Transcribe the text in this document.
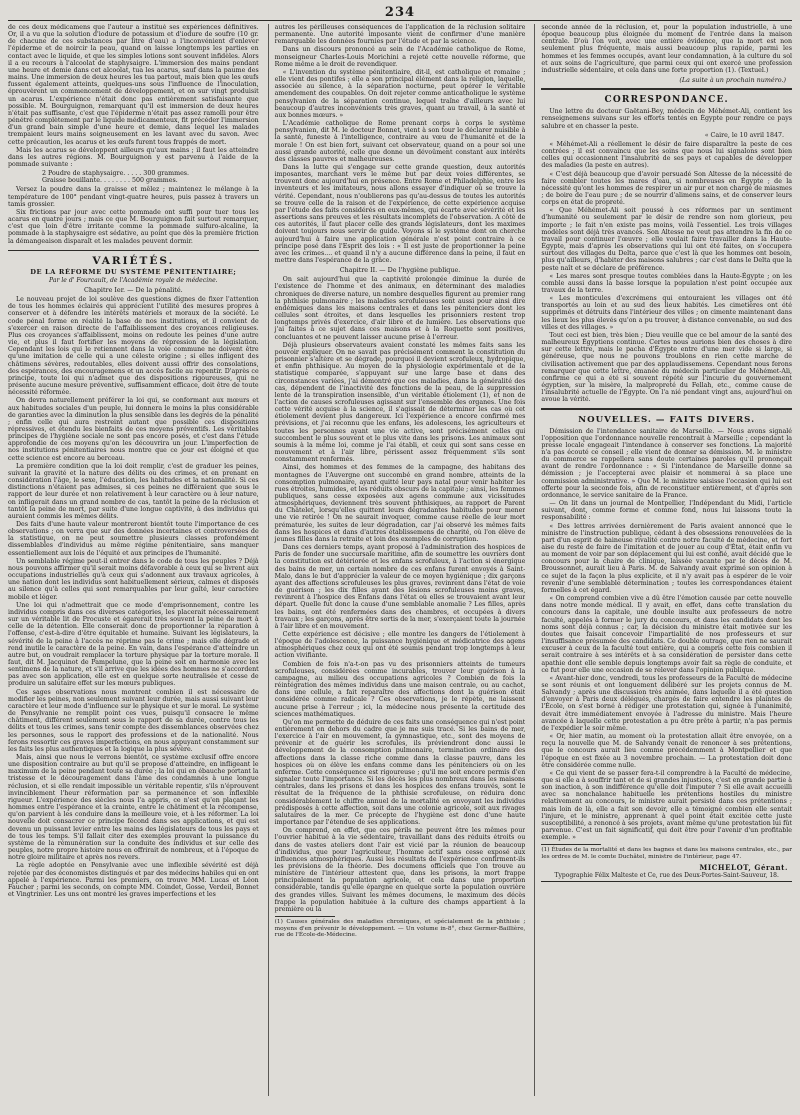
234

de ces deux médicamens que l'auteur a institué ses expériences définitives. Or, il a vu que la solution d'iodure de potassium et d'iodure de soufre (10 gr. de chacune de ces substances par litre d'eau) a l'inconvénient d'enlever l'épiderme et de noircir la peau, quand on laisse longtemps les parties en contact avec le liquide, et que les simples lotions sont souvent infidèles. Alors il a eu recours à l'alcoolat de staphysaigre. L'immersion des mains pendant une heure et demie dans cet alcoolat, tua les acarus, sauf dans la paume des mains. Une immersion de deux heures les tua partout, mais bien que les œufs fussent également atteints, quelques-uns sous l'influence de l'inoculation, éprouvèrent un commencement de développement, et on sur vingt produisit un acarus. L'expérience n'était donc pas entièrement satisfaisante que possible. M. Bourguignon, remarquant qu'il est immersion de deux heures n'était pas suffisante, c'est que l'épiderme n'était pas assez ramolli pour être pénétré complètement par le liquide médicamenteux, fit précéder l'immersion d'un grand bain simple d'une heure et demie, dans lequel les malades trempaient leurs mains soigneusement en les lavant avec du savon. Avec cette précaution, les acarus et les œufs furent tous frappés de mort.

Mais les acarus se développent ailleurs qu'aux mains ; il faut les atteindre dans les autres régions. M. Bourguignon y est parvenu à l'aide de la pommade suivante :

2 Poudre de staphysaigre. . . . . 300 grammes.
Graisse bouillante. . . . . . . . 500 grammes.

Versez la poudre dans la graisse et mêlez ; maintenez le mélange à la température de 100° pendant vingt-quatre heures, puis passez à travers un tamis grossier.

Six frictions par jour avec cette pommade ont suffi pour tuer tous les acarus en quatre jours ; mais ce que M. Bourguignon fait surtout remarquer, c'est que loin d'être irritante comme la pommade sulfuro-alcaline, la pommade à la staphysaigre est sédative, au point que dès la première friction la démangeaison disparaît et les malades peuvent dormir.

VARIÉTÉS.
DE LA RÉFORME DU SYSTÈME PÉNITENTIAIRE;
Par le d' Fourcault, de l'Académie royale de médecine.
Chapitre Ier. — De la pénalité.

Le nouveau projet de loi soulève des questions dignes de fixer l'attention de tous les hommes éclairés qui apprécient l'utilité des mesures propres à conserver et à défendre les intérêts matériels et moraux de la société. Le code pénal forme en réalité la base de nos institutions, et il convient de s'exercer en raison directe de l'affaiblissement des croyances religieuses. Plus ces croyances s'affaiblissent, moins on redoute les peines d'une autre vie, et plus il faut fortifier les moyens de répression de la législation. Cependant les lois qui le retiennent dans la voie commune ne doivent être qu'une imitation de celle qui a une céleste origine ; si elles infligent des châtimens sévères, redoutables, elles doivent aussi offrir des consolations, des espérances, des encouragemens et un accès facile au repentir. D'après ce principe, toute loi qui n'admet que des dispositions rigoureuses, qui ne présente aucune mesure préventive, suffisamment efficace, doit être de toute nécessité réformée.

On devra naturellement préférer la loi qui, se conformant aux mœurs et aux habitudes sociales d'un peuple, lui donnera le moins la plus considérable de garanties avec la diminution la plus sensible dans les degrés de la pénalité ; enfin celle qui aura restreint autant que possible ces dispositions répressives, et étendu les bienfaits de ces moyens préventifs. Les véritables principes de l'hygiène sociale ne sont pas encore posés, et c'est dans l'étude approfondie de ces moyens qu'on les découvrira un jour. L'imperfection de nos institutions pénitentiaires nous montre que ce jour est éloigné et que cette science est encore au berceau.

La première condition que la loi doit remplir, c'est de graduer les peines, suivant la gravité et la nature des délits ou des crimes, et en prenant en considération l'âge, le sexe, l'éducation, les habitudes et la nationalité. Si ces distinctions n'étaient pas admises, si ces peines ne différaient que sous le rapport de leur durée et non relativement à leur caractère ou à leur nature, on infligerait dans un grand nombre de cas, tantôt la peine de la réclusion et tantôt la peine de mort, par suite d'une longue captivité, à des individus qui auraient commis les mêmes délits.

Des faits d'une haute valeur montreront bientôt toute l'importance de ces observations ; on verra que sur des données incertaines et controversées de la statistique, on ne peut soumettre plusieurs classes profondément dissemblables d'individus au même régime pénitentiaire, sans manquer essentiellement aux lois de l'équité et aux principes de l'humanité.

Un semblable régime peut-il entrer dans le code de tous les peuples ? Déjà nous pouvons affirmer qu'il serait moins défavorable à ceux qui se livrent aux occupations industrielles qu'à ceux qui s'adonnent aux travaux agricoles, à une nation dont les individus sont habituellement sérieux, calmes et disposés au silence qu'à celles qui sont remarquables par leur gaîté, leur caractère mobile et léger.

Une loi qui n'admettrait que ce mode d'emprisonnement, contre les individus compris dans ces diverses catégories, les placerait nécessairement sur un véritable lit de Procuste et égarerait très souvent la peine de mort à celle de la détention. Elle conserait donc de proportionner la réparation à l'offense, c'est-à-dire d'être équitable et humaine. Suivant les législateurs, la sévérité de la peine à l'accès ne réprime pas le crime ; mais elle dégrade et rend inutile le caractère de la peine. En vain, dans l'espérance d'atteindre un autre but, on voudrait remplacer la torture physique par la torture morale. Il faut, dit M. Jacquinot de Pampelune, que la peine soit en harmonie avec les sentimens de la nature, et s'il arrive que les idées des hommes ne s'accordent pas avec son application, elle est en quelque sorte neutralisée et cesse de produire un salutaire effet sur les mœurs publiques.

Ces sages observations nous montrent combien il est nécessaire de modifier les peines, non seulement suivant leur durée, mais aussi suivant leur caractère et leur mode d'influence sur le physique et sur le moral. Le système de Pensylvanie ne remplit point ces vues, puisqu'il consacre le même châtiment, différent seulement sous le rapport de sa durée, contre tous les délits et tous les crimes, sans tenir compte des dissemblances observées chez les personnes, sous le rapport des professions et de la nationalité. Nous ferons ressortir ces graves imperfections, en nous appuyant constamment sur les faits les plus authentiques et la logique la plus sévère.

Mais, ainsi que nous le verrons bientôt, ce système exclusif offre encore une disposition contraire au but qu'il se propose d'atteindre, en infligeant le maximum de la peine pendant toute sa durée ; la loi qui en ébauche portant la tristesse et le découragement dans l'âme des condamnés à une longue réclusion, et si elle rendait impossible un véritable repentir, s'ils n'éprouvent invinciblement l'heur réformation par sa permanence et son inflexible rigueur. L'expérience des siècles nous l'a appris, ce n'est qu'en plaçant les hommes entre l'espérance et la crainte, entre le châtiment et la récompense, qu'on parvient à les conduire dans la meilleure voie, et à les réformer. La loi nouvelle doit consacrer ce principe fécond dans ses applications, et qui est devenu un puissant levier entre les mains des législateurs de tous les pays et de tous les temps. S'il fallait citer des exemples prouvant la puissance du système de la rémunération sur la conduite des individus et sur celle des peuples, notre propre histoire nous en offrirait de nombreux, et à l'époque de notre gloire militaire et après nos revers.

La règle adoptée en Pensylvanie avec une inflexible sévérité est déjà rejetée par des économistes distingués et par des médecins habiles qui en ont appelé à l'expérience. Parmi les premiers, on trouve MM. Lucas et Léon Faucher ; parmi les seconds, on compte MM. Coindet, Gosse, Verdeil, Bonnet et Vingtrinier. Les uns ont montré les graves imperfections et les

autres les périlleuses conséquences de l'application de la réclusion solitaire permanente. Une autorité imposante vient de confirmer d'une manière remarquable les données fournies par l'étude et par la science.

Dans un discours prononcé au sein de l'Académie catholique de Rome, monseigneur Charles-Louis Morichini a rejeté cette nouvelle réforme, que Rome même a le droit de revendiquer.

« L'invention du système pénitentiaire, dit-il, est catholique et romaine ; elle vient des pontifes ; elle a son principal élément dans la religion, laquelle, associée au silence, à la séparation nocturne, peut opérer le véritable amendement des coupables. On doit rejeter comme anticatholique le système pensylvanien de la séparation continue, lequel traîne d'ailleurs avec lui beaucoup d'autres inconvénients très graves, quant au travail, à la santé et aux bonnes mœurs. »

L'Académie catholique de Rome prenant corps à corps le système pensylvanien, dit M. le docteur Bonnet, vient à son tour le déclarer nuisible à la santé, funeste à l'intelligence, contraire au vœu de l'humanité et de la morale ! On est bien fort, suivant cet observateur, quand on a pour soi une aussi grande autorité, celle que donne un dévoûment constant aux intérêts des classes pauvres et malheureuses.

Dans la lutte qui s'engage sur cette grande question, deux autorités imposantes, marchant vers le même but par deux voies différentes, se trouvent donc aujourd'hui en présence. Entre Rome et Philadelphie, entre les inventeurs et les imitateurs, nous allons essayer d'indiquer où se trouve la vérité. Cependant, nous n'oublierons pas qu'au-dessus de toutes les autorités se trouve celle de la raison et de l'expérience, de cette expérience acquise par l'étude des faits considérés en eux-mêmes, qui écarte avec sévérité et les assertions sans preuves et les résultats incomplets de l'observation. A côté de ces autorités, il faut placer celle des grands législateurs, dont les maximes doivent toujours nous servir de guide. Voyons si le système dont on cherche aujourd'hui à faire une application générale n'est point contraire à ce principe posé dans l'Esprit des lois : « Il est juste de proportionner la peine avec les crimes.... et quand il n'y a aucune différence dans la peine, il faut en mettre dans l'espérance de la grâce.

Chapitre II. — De l'hygiène publique.

On sait aujourd'hui que la captivité prolongée diminue la durée de l'existence de l'homme et des animaux, en déterminant des maladies chroniques de diverse nature, un nombre desquelles figurent au premier rang la phthisie pulmonaire ; les maladies scrofuleuses sont aussi pour ainsi dire endémiques dans les maisons centrales et dans les pénitenciers dont les cellules sont étroites, et dans lesquelles les prisonniers restent trop longtemps privés d'exercice, d'air libre et de lumière. Les observations que j'ai faites à ce sujet dans ces maisons et à la Roquette sont positives, concluantes et ne peuvent laisser aucune prise à l'erreur.

Déjà plusieurs observateurs avaient constaté les mêmes faits sans les pouvoir expliquer. On ne savait pas précisément comment la constitution du prisonnier s'altère et se dégrade, pourquoi il devient scrofuleux, hydropique, et enfin phthisique. Au moyen de la physiologie expérimentale et de la statistique comparée, s'appuyant sur une large base et dans des circonstances variées, j'ai démontré que ces maladies, dans la généralité des cas, dépendent de l'inactivité des fonctions de la peau, de la suppression lente de la transpiration insensible, d'un véritable étiolement (1), et non de l'action de causes scrofuleuses agissant sur l'ensemble des organes. Une fois cette vérité acquise à la science, il s'agissait de déterminer les cas où cet étiolement devient plus dangereux. Ici l'expérience a encore confirmé mes prévisions, et j'ai reconnu que les enfans, les adolescens, les agriculteurs et toutes les personnes ayant une vie active, sont précisément celles qui succombent le plus souvent et le plus vite dans les prisons. Les animaux sont soumis à la même loi, comme je l'ai établi, et ceux qui sont sans cesse en mouvement et à l'air libre, périssent assez fréquemment s'ils sont constamment renfermés.

Ainsi, des hommes et des femmes de la campagne, des habitans des montagnes de l'Auvergne ont succombé en grand nombre, atteints de la consomption pulmonaire, ayant quitté leur pays natal pour venir habiter les rues étroites, humides, et les réduits obscurs de la capitale ; ainsi, les femmes publiques, sans cesse exposées aux agens commune aux vicissitudes atmosphériques, deviennent très souvent phthisiques, au rapport de Parent du Châtelet, lorsqu'elles quittent leurs dégradantes habitudes pour mener une vie retirée ! On ne saurait invoquer, comme cause réelle de leur mort prématurée, les suites de leur dégradation, car j'ai observé les mêmes faits dans les hospices et dans d'autres établissemens de charité, où l'on élève de jeunes filles dans la retraite et loin des exemples de corruption.

Dans ces derniers temps, ayant proposé à l'administration des hospices de Paris de fonder une succursale maritime, afin de soumettre les ouvriers dont la constitution est détériorée et les enfans scrofuleux, à l'action si énergique des bains de mer, un certain nombre de ces enfans furent envoyés à Saint-Malo, dans le but d'apprécier la valeur de ce moyen hygiénique ; dix garçons ayant des affections scrofuleuses les plus graves, revinrent dans l'état de voie de guérison ; les dix filles ayant des lésions scrofuleuses moins graves, revinrent à l'hospice des Enfans dans l'état où elles se trouvaient avant leur départ. Quelle fut donc la cause d'une semblable anomalie ? Les filles, après les bains, ont été renfermées dans des chambres, et occupées à divers travaux ; les garçons, après être sortis de la mer, s'exerçaient toute la journée à l'air libre et en mouvement.

Cette expérience est décisive ; elle montre les dangers de l'étiolement à l'époque de l'adolescence, la puissance hygiénique et médicatrice des agens atmosphériques chez ceux qui ont été soumis pendant trop longtemps à leur action vivifiante.

Combien de fois n'a-t-on pas vu des prisonniers atteints de tumeurs scrofuleuses, considérées comme incurables, trouver leur guérison à la campagne, au milieu des occupations agricoles ? Combien de fois la réintégration des mêmes individus dans une maison centrale, ou au cachot, dans une cellule, a fait reparaître des affections dont la guérison était considérée comme radicale ? Ces observations, je le répète, ne laissent aucune prise à l'erreur ; ici, la médecine nous présente la certitude des sciences mathématiques.

Qu'on me permette de déduire de ces faits une conséquence qui n'est point entièrement en dehors du cadre que je me suis tracé. Si les bains de mer, l'exercice à l'air en mouvement, la gymnastique, etc., sont des moyens de prévenir et de guérir les scrofules, ils préviendront donc aussi le développement de la consomption pulmonaire, termination ordinaire des affections dans la classe riche comme dans la classe pauvre, dans les hospices où on élève les enfans comme dans les pénitenciers où on les enferme. Cette conséquence est rigoureuse ; qu'il me soit encore permis d'en signaler toute l'importance. Si les décès les plus nombreux dans les maisons centrales, dans les prisons et dans les hospices des enfans trouvés, sont le résultat de la fréquence de la phthisie scrofuleuse, on réduira donc considérablement le chiffre annuel de la mortalité en envoyant les individus prédisposés à cette affection, soit dans une colonie agricole, soit aux rivages salutaires de la mer. Ce précepte de l'hygiène est donc d'une haute importance par l'étendue de ses applications.

On comprend, en effet, que ces périls ne peuvent être les mêmes pour l'ouvrier habitué à la vie sédentaire, travaillant dans des réduits étroits ou dans de vastes ateliers dont l'air est vicié par la réunion de beaucoup d'individus, que pour l'agriculteur, l'homme actif sans cesse exposé aux influences atmosphériques. Aussi les résultats de l'expérience confirment-ils les prévisions de la théorie. Des documens officiels que l'on trouve au ministère de l'intérieur attestent que, dans les prisons, la mort frappe principalement la population agricole, et cela dans une proportion considérable, tandis qu'elle épargne en quelque sorte la population ouvrière des grandes villes. Suivant les mêmes documens, le maximum des décès frappe la population habituée à la culture des champs appartient à la première ou la

(1) Causes générales des maladies chroniques, et spécialement de la phthisie ; moyens d'en prévenir le développement. — Un volume in-8°, chez Germer-Baillière, rue de l'École-de-Médecine.

seconde année de la réclusion, et, pour la population industrielle, à une époque beaucoup plus éloignée du moment de l'entrée dans la maison centrale. D'où l'on voit, avec une entière évidence, que la mort est non seulement plus fréquente, mais aussi beaucoup plus rapide, parmi les hommes et les femmes occupés, avant leur condamnation, à la culture du sol et aux soins de l'agriculture, que parmi ceux qui ont exercé une profession industrielle sédentaire, et cela dans une forte proportion (1). (Textuel.)

(La suite à un prochain numéro.)
CORRESPONDANCE.

Une lettre du docteur Gaëtani-Bey, médecin de Méhémet-Ali, contient les renseignemens suivans sur les efforts tentés en Égypte pour rendre ce pays salubre et en chasser la peste.

« Caire, le 10 avril 1847.

« Méhémet-Ali a réellement le désir de faire disparaître la peste de ces contrées ; il est convaincu que les soins que nous lui signalons sont bien celles qui occasionnent l'insalubrité de ses pays et capables de développer des maladies (la peste en autres).

« C'est déjà beaucoup que d'avoir persuadé Son Altesse de la nécessité de faire combler toutes les mares d'eau, si nombreuses en Égypte ; de la nécessité qu'ont les hommes de respirer un air pur et non chargé de miasmes ; de boire de l'eau pure ; de se nourrir d'alimens sains, et de conserver leurs corps en état de propreté.

« Que Méhémet-Ali soit poussé à ces réformes par un sentiment d'humanité ou seulement par le désir de rendre son nom glorieux, peu importe ; le fait n'en existe pas moins, voilà l'essentiel. Les trois villages modèles sont déjà très avancés. Son Altesse ne veut pas attendre la fin de ce travail pour continuer l'œuvre ; elle voulait faire travailler dans la Haute-Égypte, mais d'après les observations qui lui ont été faites, on s'occupera surtout des villages du Delta, parce que c'est là que les hommes ont besoin, plus qu'ailleurs, d'habiter des maisons salubres ; car c'est dans le Delta que la peste naît et se déclare de préférence.

« Les mares sont presque toutes comblées dans la Haute-Égypte ; on les comble aussi dans la basse lorsque la population n'est point occupée aux travaux de la terre.

« Les monticules d'excrémens qui entouraient les villages ont été transportés au loin et au sud des lieux habités. Les cimetières ont été supprimés et détruits dans l'intérieur des villes ; on cimente maintenant dans les lieux les plus élevés qu'on a pu trouver, à distance convenable, au sud des villes et des villages. »

Tout ceci est bien, très bien ; Dieu veuille que ce bel amour de la santé des malheureux Égyptiens continue. Certes nous aurions bien des choses à dire sur cette lettre, mais le pacha d'Égypte entre d'une mer vide si large, si généreuse, que nous ne pouvons troublons en rien cette marche de civilisation activement que par des applaudissemens. Cependant nous ferons remarquer que cette lettre, émanée du médecin particulier de Méhémet-Ali, confirme ce qui a été si souvent répété sur l'incurie du gouvernement égyptien, sur la misère, la malpropreté du Fellah, etc., comme cause de l'insalubrité actuelle de l'Égypte. On l'a nié pendant vingt ans, aujourd'hui on avoue la vérité.

NOUVELLES. — FAITS DIVERS.

Démission de l'intendance sanitaire de Marseille. — Nous avons signalé l'opposition que l'ordonnance nouvelle rencontrait à Marseille ; cependant la presse locale engageait l'intendance à conserver ses fonctions. La majorité n'a pas écouté ce conseil ; elle vient de donner sa démission. M. le ministre du commerce se rappellera sans doute certaines paroles qu'il prononçait avant de rendre l'ordonnance : « Si l'intendance de Marseille donne sa démission ; je l'accepterai avec plaisir et nommerai à sa place une commission administrative. » Que M. le ministre saisisse l'occasion qui lui est offerte pour la seconde fois, afin de reconstituer entièrement, et d'après son ordonnance, le service sanitaire de la France.

— On lit dans un journal de Montpellier, l'Indépendant du Midi, l'article suivant, dont, comme forme et comme fond, nous lui laissons toute la responsabilité :

« Des lettres arrivées dernièrement de Paris avaient annoncé que le ministre de l'instruction publique, cédant à des obsessions renouvelées de la part d'un esprit de haineuse rivalité contre notre faculté de médecine, et fort aise du reste de faire de l'imitation et de jouer au coup d'État, était enfin vu au moment de voir par son déplacement qui lui est confié, avait décidé que le concours pour la chaire de clinique, laissée vacante par le décès de M. Broussonnet, aurait lieu à Paris. M. de Salvandy avait exprimé son opinion à ce sujet de la façon la plus explicite, et il n'y avait pas à espérer de le voir revenir d'une semblable détermination ; toutes les correspondances étaient formelles à cet égard.

« On comprend combien vive a dû être l'émotion causée par cette nouvelle dans notre monde médical. Il y avait, en effet, dans cette translation du concours dans la capitale, une double insulte aux professeurs de notre faculté, appelés à former le jury du concours, et dans les candidats dont les noms sont déjà connus ; car, la décision du ministre était motivée sur les doutes que faisait concevoir l'impartialité de nos professeurs et sur l'insuffisance présumée des candidats. Ce double outrage, que rien ne saurait excuser à ceux de la faculté tout entière, qui a compris cette fois combien il serait contraire à ses intérêts et à sa considération de persister dans cette apathie dont elle semble depuis longtemps avoir fait sa règle de conduite, et ce fut pour elle une occasion de se relever dans l'opinion publique.

« Avant-hier donc, vendredi, tous les professeurs de la Faculté de médecine se sont réunis et ont longuement délibéré sur les projets connus de M. Salvandy ; après une discussion très animée, dans laquelle il a été question d'envoyer à Paris deux délégués, chargés de faire entendre les plaintes de l'École, on s'est borné à rédiger une protestation qui, signée à l'unanimité, devait être immédiatement envoyée à l'adresse du ministre. Mais l'heure avancée à laquelle cette protestation a pu être prête à partir, n'a pas permis de l'expédier le soir même.

« Or, hier matin, au moment où la protestation allait être envoyée, on a reçu la nouvelle que M. de Salvandy venait de renoncer à ses prétentions, que le concours aurait lieu comme précédemment à Montpellier et que l'époque en est fixée au 3 novembre prochain. — La protestation doit donc être considérée comme nulle.

« Ce qui vient de se passer fera-t-il comprendre à la Faculté de médecine, que si elle a à souffrir tant et de si grandes injustices, c'est en grande partie à son inaction, à son indifférence qu'elle doit l'imputer ? Si elle avait accueilli avec sa nonchalance habituelle les prétentions hostiles du ministre relativement au concours, le ministre aurait persisté dans ces prétentions ; mais loin de là, elle a fait son devoir, elle a témoigné combien elle sentait l'injure, et le ministre, apprenant à quel point était excitée cette juste susceptibilité, a renoncé à ses projets, avant même qu'une protestation lui fût parvenue. C'est un fait significatif, qui doit être pour l'avenir d'un profitable exemple. »

(1) Études de la mortalité et dans les bagnes et dans les maisons centrales, etc., par les ordres de M. le comte Duchâtel, ministre de l'intérieur, page 47.

MICHELOT, Gérant.
Typographie Félix Malteste et Ce, rue des Deux-Portes-Saint-Sauveur, 18.
